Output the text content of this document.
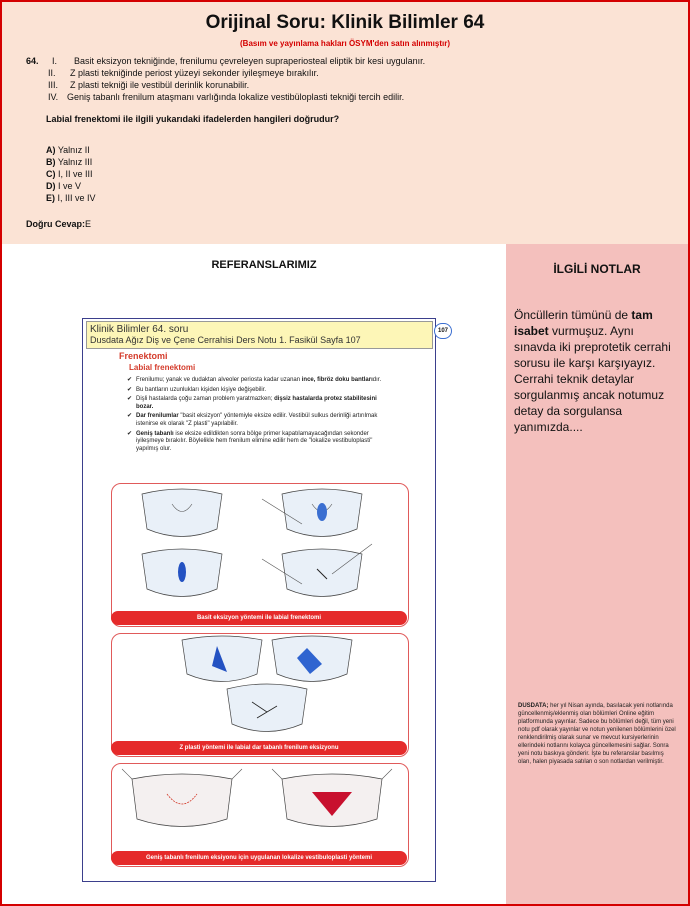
Orijinal Soru: Klinik Bilimler 64
(Basım ve yayınlama hakları ÖSYM'den satın alınmıştır)
64. I. Basit eksizyon tekniğinde, frenilumu çevreleyen supraperiosteal eliptik bir kesi uygulanır.
II. Z plasti tekniğinde periost yüzeyi sekonder iyileşmeye bırakılır.
III. Z plasti tekniği ile vestibül derinlik korunabilir.
IV. Geniş tabanlı frenilum ataşmanı varlığında lokalize vestibüloplasti tekniği tercih edilir.
Labial frenektomi ile ilgili yukarıdaki ifadelerden hangileri doğrudur?
A) Yalnız II
B) Yalnız III
C) I, II ve III
D) I ve V
E) I, III ve IV
Doğru Cevap:E
REFERANSLARIMIZ
Klinik Bilimler 64. soru
Dusdata Ağız Diş ve Çene Cerrahisi Ders Notu 1. Fasikül Sayfa 107
Frenektomi
Labial frenektomi
✔ Frenilumu; yanak ve dudaktan alveoler periosta kadar uzanan ince, fibröz doku bantlarıdır.
✔ Bu bantların uzunlukları kişiden kişiye değişebilir.
✔ Dişli hastalarda çoğu zaman problem yaratmazken; dişsiz hastalarda protez stabilitesini bozar.
✔ Dar frenilumlar "basit eksizyon" yöntemiyle eksize edilir. Vestibül sulkus derinliği artırılmak istenirse ek olarak "Z plasti" yapılabilir.
✔ Geniş tabanlı ise eksize edildikten sonra bölge primer kapatılamayacağından sekonder iyileşmeye bırakılır. Böylelikle hem frenilum elimine edilir hem de "lokalize vestibuloplasti" yapılmış olur.
Basit eksizyon yöntemi ile labial frenektomi
Z plasti yöntemi ile labial dar tabanlı frenilum eksizyonu
Geniş tabanlı frenilum eksiyonu için uygulanan lokalize vestibuloplasti yöntemi
107
İLGİLİ NOTLAR
Öncüllerin tümünü de tam isabet vurmuşuz. Aynı sınavda iki preprotetik cerrahi sorusu ile karşı karşıyayız. Cerrahi teknik detaylar sorgulanmış ancak notumuz detay da sorgulansa yanımızda....
DUSDATA; her yıl Nisan ayında, basılacak yeni notlarında güncellenmiş/eklenmiş olan bölümleri Online eğitim platformunda yayınlar. Sadece bu bölümleri değil, tüm yeni notu pdf olarak yayınlar ve notun yenilenen bölümlerini özel renklendirilmiş olarak sunar ve mevcut kursiyerlerinin ellerindeki notlarını kolayca güncellemesini sağlar. Sonra yeni notu baskıya gönderir. İşte bu referanslar basılmış olan, halen piyasada satılan o son notlardan verilmiştir.
